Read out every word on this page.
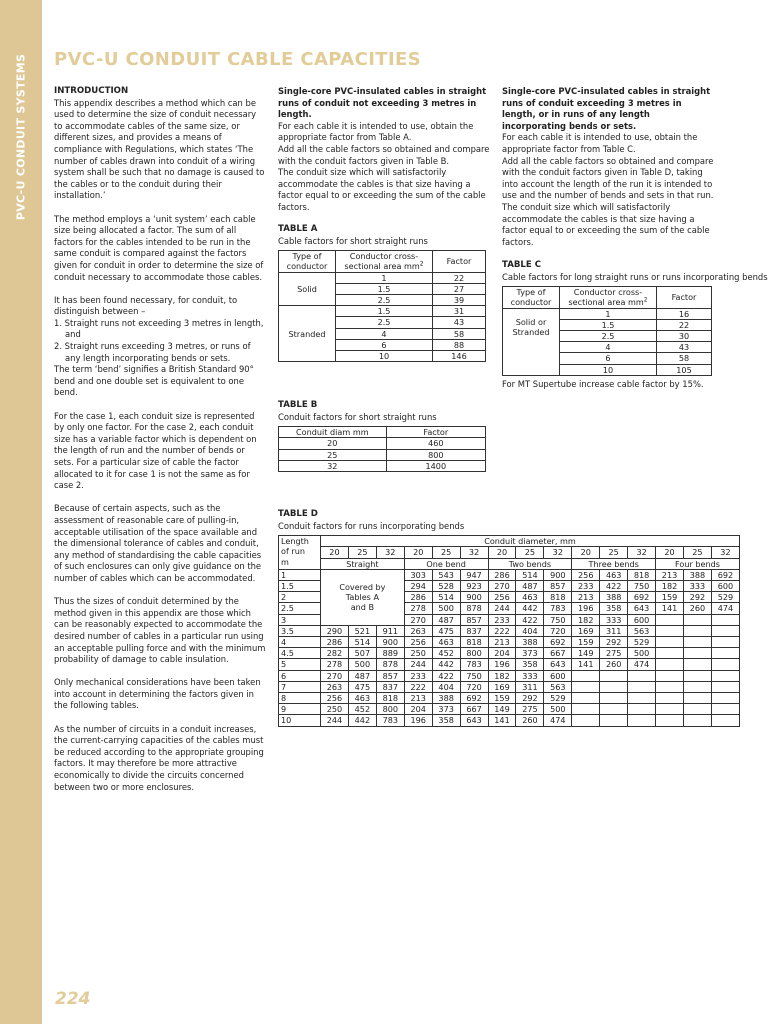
PVC-U CONDUIT SYSTEMS
224
PVC-U CONDUIT CABLE CAPACITIES
INTRODUCTION

This appendix describes a method which can be used to determine the size of conduit necessary to accommodate cables of the same size, or different sizes, and provides a means of compliance with Regulations, which states ‘The number of cables drawn into conduit of a wiring system shall be such that no damage is caused to the cables or to the conduit during their installation.’

The method employs a ‘unit system’ each cable size being allocated a factor. The sum of all factors for the cables intended to be run in the same conduit is compared against the factors given for conduit in order to determine the size of conduit necessary to accommodate those cables.

It has been found necessary, for conduit, to distinguish between –
1. Straight runs not exceeding 3 metres in length, and
2. Straight runs exceeding 3 metres, or runs of any length incorporating bends or sets.

The term ‘bend’ signifies a British Standard 90° bend and one double set is equivalent to one bend.

For the case 1, each conduit size is represented by only one factor. For the case 2, each conduit size has a variable factor which is dependent on the length of run and the number of bends or sets. For a particular size of cable the factor allocated to it for case 1 is not the same as for case 2.

Because of certain aspects, such as the assessment of reasonable care of pulling-in, acceptable utilisation of the space available and the dimensional tolerance of cables and conduit, any method of standardising the cable capacities of such enclosures can only give guidance on the number of cables which can be accommodated.

Thus the sizes of conduit determined by the method given in this appendix are those which can be reasonably expected to accommodate the desired number of cables in a particular run using an acceptable pulling force and with the minimum probability of damage to cable insulation.

Only mechanical considerations have been taken into account in determining the factors given in the following tables.

As the number of circuits in a conduit increases, the current-carrying capacities of the cables must be reduced according to the appropriate grouping factors. It may therefore be more attractive economically to divide the circuits concerned between two or more enclosures.

Single-core PVC-insulated cables in straight runs of conduit not exceeding 3 metres in length.
For each cable it is intended to use, obtain the appropriate factor from Table A.
Add all the cable factors so obtained and compare with the conduit factors given in Table B.
The conduit size which will satisfactorily accommodate the cables is that size having a factor equal to or exceeding the sum of the cable factors.
TABLE A
Cable factors for short straight runs
Type of conductor	Conductor cross-sectional area $mm^2$	Factor
Solid	1	22
	1.5	27
	2.5	39
Stranded	1.5	31
	2.5	43
	4	58
	6	88
	10	146
TABLE B
Conduit factors for short straight runs
Conduit diam mm	Factor
20	460
25	800
32	1400
Single-core PVC-insulated cables in straight runs of conduit exceeding 3 metres in length, or in runs of any length incorporating bends or sets.
For each cable it is intended to use, obtain the appropriate factor from Table C.
Add all the cable factors so obtained and compare with the conduit factors given in Table D, taking into account the length of the run it is intended to use and the number of bends and sets in that run.
The conduit size which will satisfactorily accommodate the cables is that size having a factor equal to or exceeding the sum of the cable factors.
TABLE C
Cable factors for long straight runs or runs incorporating bends
Type of conductor	Conductor cross-sectional area $mm^2$	Factor
Solid or Stranded	1	16
	1.5	22
	2.5	30
	4	43
	6	58
	10	105
For MT Supertube increase cable factor by 15%.
TABLE D
Conduit factors for runs incorporating bends
Length
of run
m	Conduit diameter, mm														
	20	25	32	20	25	32	20	25	32	20	25	32	20	25	32
	Straight			One bend			Two bends			Three bends			Four bends		
1	Covered by
Tables A
and B			303	543	947	286	514	900	256	463	818	213	388	692
1.5				294	528	923	270	487	857	233	422	750	182	333	600
2				286	514	900	256	463	818	213	388	692	159	292	529
2.5				278	500	878	244	442	783	196	358	643	141	260	474
3				270	487	857	233	422	750	182	333	600			
3.5	290	521	911	263	475	837	222	404	720	169	311	563			
4	286	514	900	256	463	818	213	388	692	159	292	529			
4.5	282	507	889	250	452	800	204	373	667	149	275	500			
5	278	500	878	244	442	783	196	358	643	141	260	474			
6	270	487	857	233	422	750	182	333	600						
7	263	475	837	222	404	720	169	311	563						
8	256	463	818	213	388	692	159	292	529						
9	250	452	800	204	373	667	149	275	500						
10	244	442	783	196	358	643	141	260	474						
